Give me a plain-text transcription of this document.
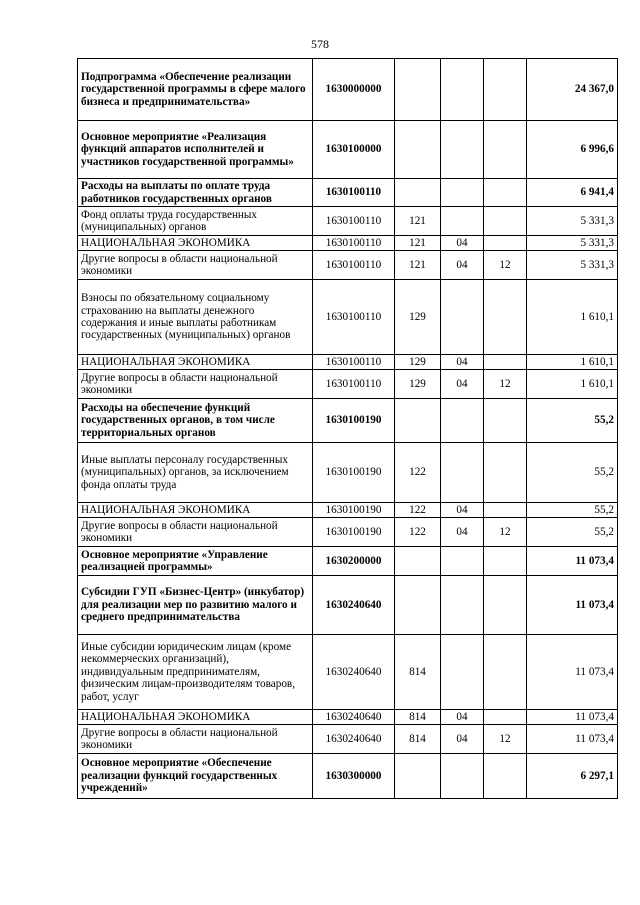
578
Подпрограмма «Обеспечение реализации государственной программы в сфере малого бизнеса и предпринимательства»	1630000000				24 367,0
Основное мероприятие «Реализация функций аппаратов исполнителей и участников государственной программы»	1630100000				6 996,6
Расходы на выплаты по оплате труда работников государственных органов	1630100110				6 941,4
Фонд оплаты труда государственных (муниципальных) органов	1630100110	121			5 331,3
НАЦИОНАЛЬНАЯ ЭКОНОМИКА	1630100110	121	04		5 331,3
Другие вопросы в области национальной экономики	1630100110	121	04	12	5 331,3
Взносы по обязательному социальному страхованию на выплаты денежного содержания и иные выплаты работникам государственных (муниципальных) органов	1630100110	129			1 610,1
НАЦИОНАЛЬНАЯ ЭКОНОМИКА	1630100110	129	04		1 610,1
Другие вопросы в области национальной экономики	1630100110	129	04	12	1 610,1
Расходы на обеспечение функций государственных органов, в том числе территориальных органов	1630100190				55,2
Иные выплаты персоналу государственных (муниципальных) органов, за исключением фонда оплаты труда	1630100190	122			55,2
НАЦИОНАЛЬНАЯ ЭКОНОМИКА	1630100190	122	04		55,2
Другие вопросы в области национальной экономики	1630100190	122	04	12	55,2
Основное мероприятие «Управление реализацией программы»	1630200000				11 073,4
Субсидии ГУП «Бизнес-Центр» (инкубатор) для реализации мер по развитию малого и среднего предпринимательства	1630240640				11 073,4
Иные субсидии юридическим лицам (кроме некоммерческих организаций), индивидуальным предпринимателям, физическим лицам-производителям товаров, работ, услуг	1630240640	814			11 073,4
НАЦИОНАЛЬНАЯ ЭКОНОМИКА	1630240640	814	04		11 073,4
Другие вопросы в области национальной экономики	1630240640	814	04	12	11 073,4
Основное мероприятие «Обеспечение реализации функций государственных учреждений»	1630300000				6 297,1
